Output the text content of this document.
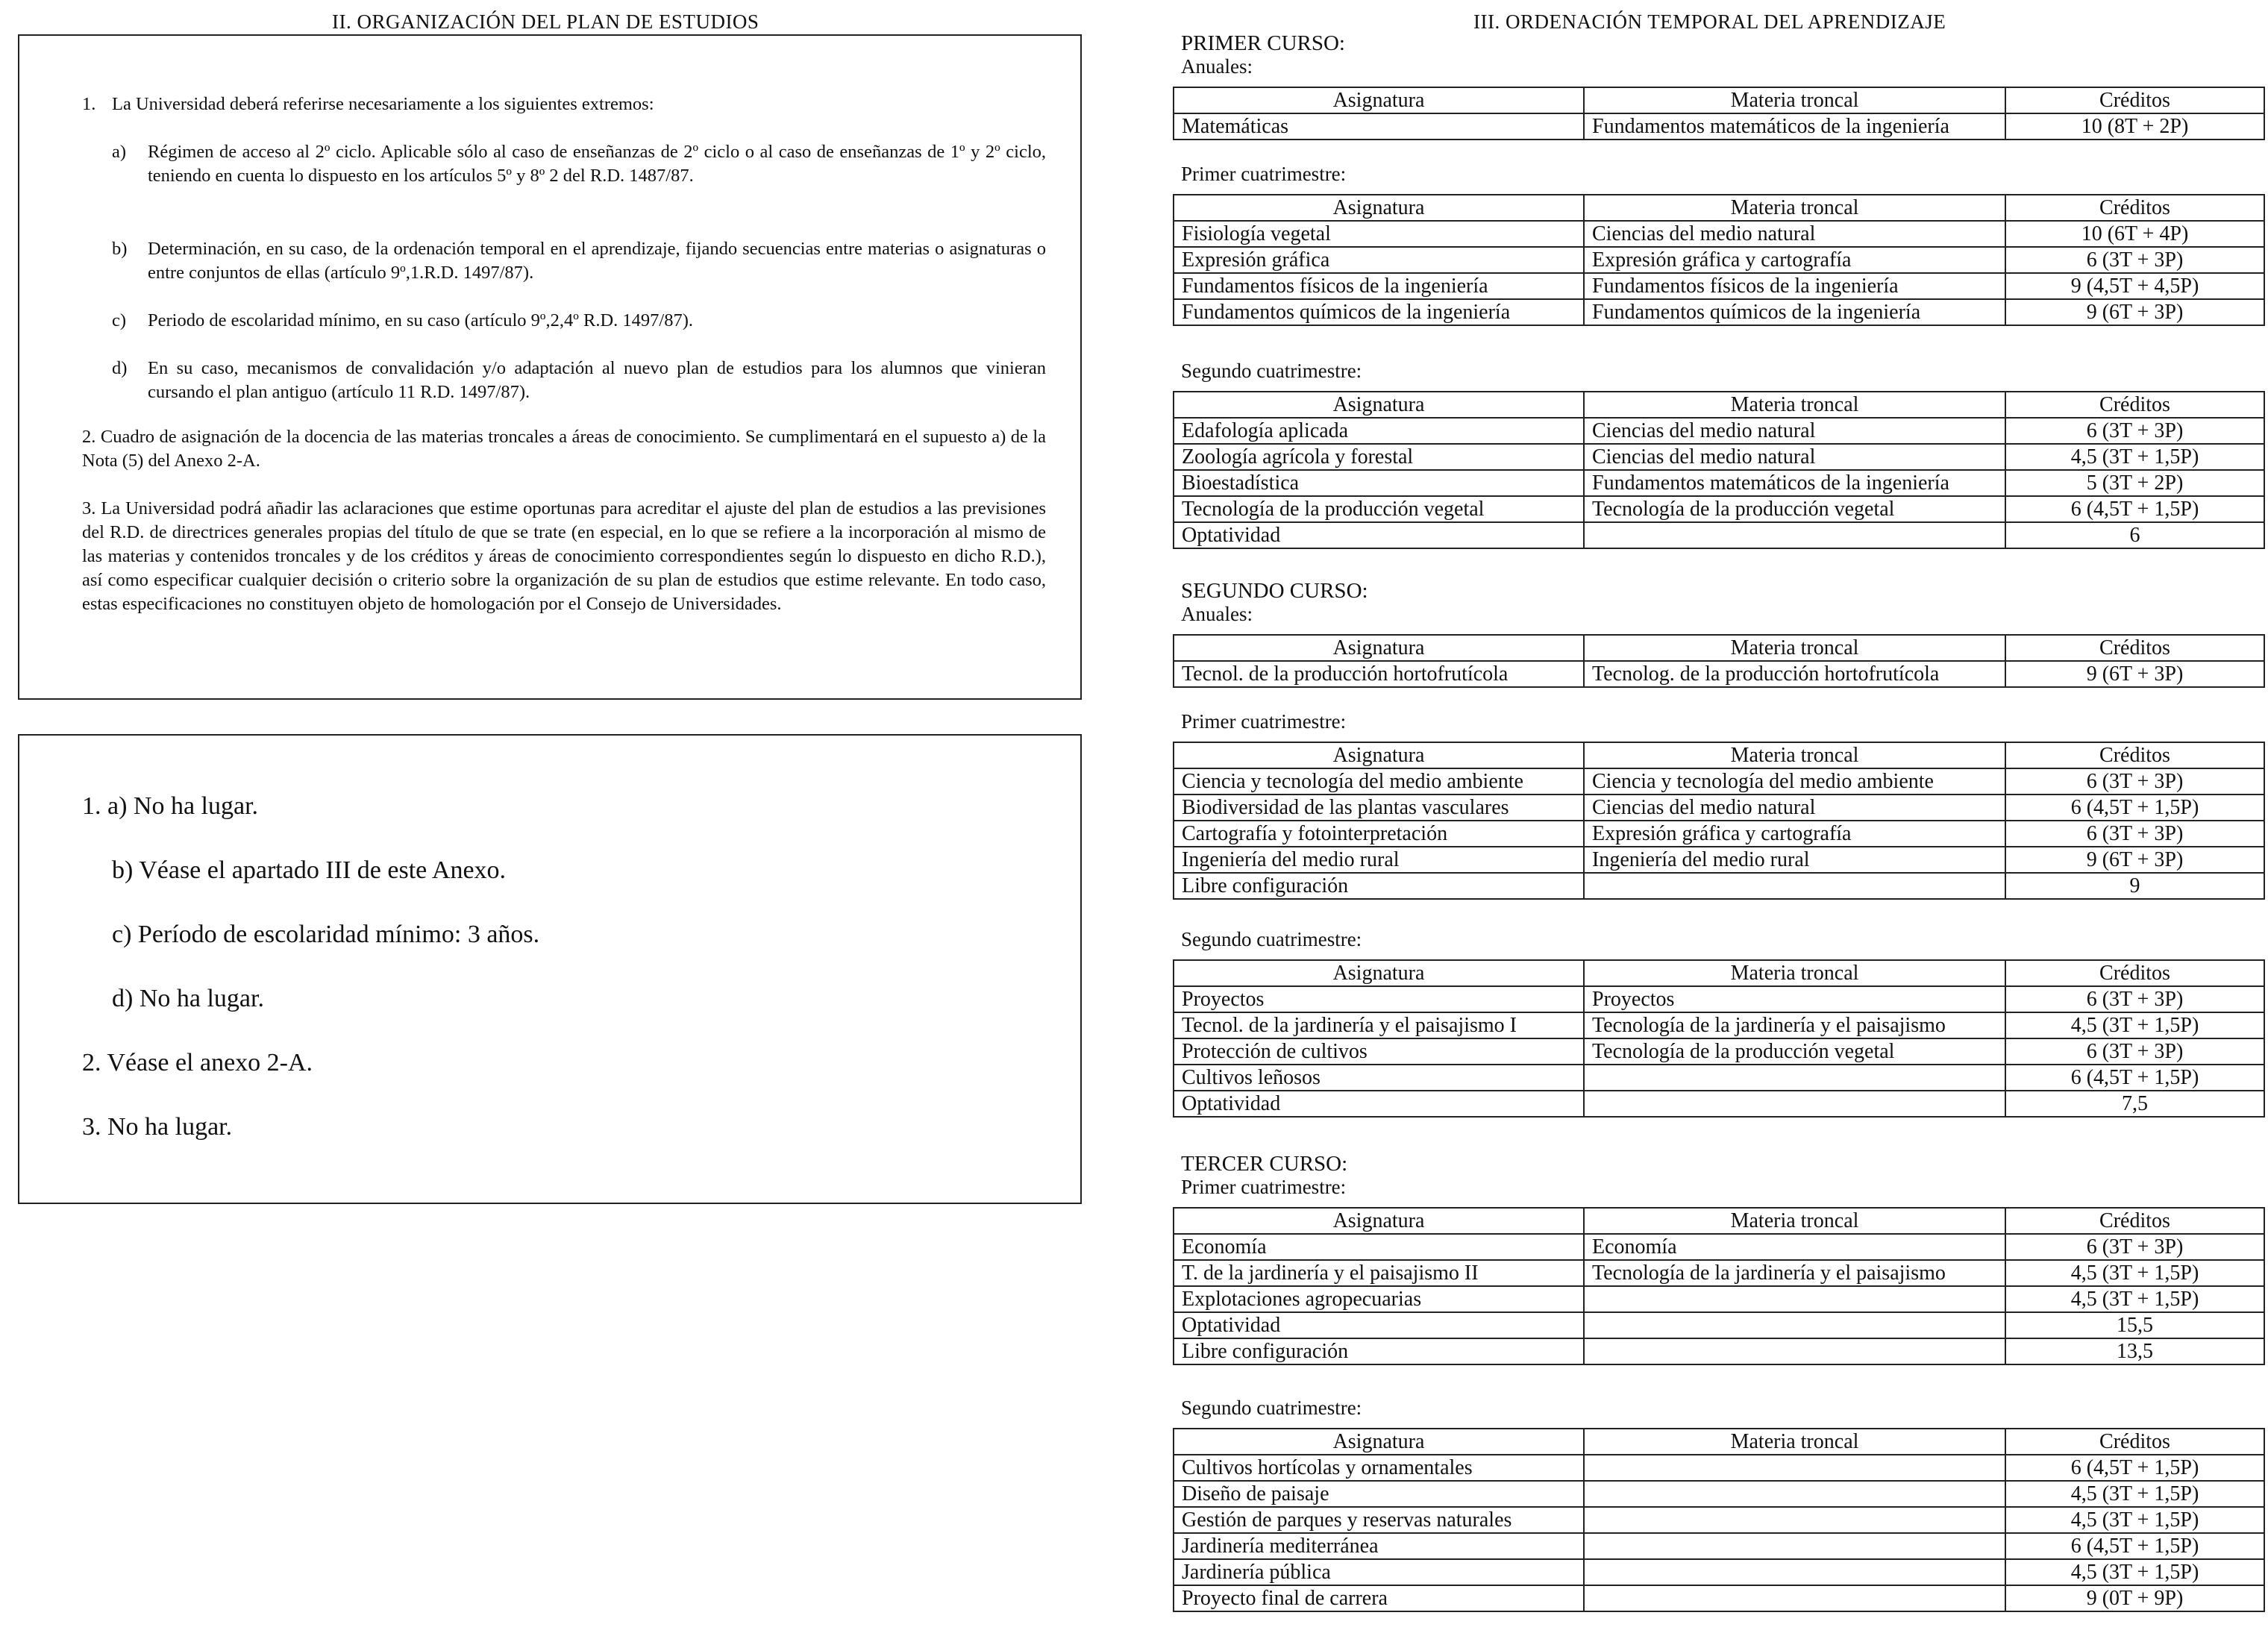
II. ORGANIZACIÓN DEL PLAN DE ESTUDIOS
1. La Universidad deberá referirse necesariamente a los siguientes extremos:
a)	Régimen de acceso al 2º ciclo. Aplicable sólo al caso de enseñanzas de 2º ciclo o al caso de enseñanzas de 1º y 2º ciclo, teniendo en cuenta lo dispuesto en los artículos 5º y 8º 2 del R.D. 1487/87.
b)	Determinación, en su caso, de la ordenación temporal en el aprendizaje, fijando secuencias entre materias o asignaturas o entre conjuntos de ellas (artículo 9º,1.R.D. 1497/87).
c)	Periodo de escolaridad mínimo, en su caso (artículo 9º,2,4º R.D. 1497/87).
d)	En su caso, mecanismos de convalidación y/o adaptación al nuevo plan de estudios para los alumnos que vinieran cursando el plan antiguo (artículo 11 R.D. 1497/87).
2. Cuadro de asignación de la docencia de las materias troncales a áreas de conocimiento. Se cumplimentará en el supuesto a) de la Nota (5) del Anexo 2-A.
3. La Universidad podrá añadir las aclaraciones que estime oportunas para acreditar el ajuste del plan de estudios a las previsiones del R.D. de directrices generales propias del título de que se trate (en especial, en lo que se refiere a la incorporación al mismo de las materias y contenidos troncales y de los créditos y áreas de conocimiento correspondientes según lo dispuesto en dicho R.D.), así como especificar cualquier decisión o criterio sobre la organización de su plan de estudios que estime relevante. En todo caso, estas especificaciones no constituyen objeto de homologación por el Consejo de Universidades.
1. a) No ha lugar.
b) Véase el apartado III de este Anexo.
c) Período de escolaridad mínimo: 3 años.
d) No ha lugar.
2. Véase el anexo 2-A.
3. No ha lugar.
III. ORDENACIÓN TEMPORAL DEL APRENDIZAJE
PRIMER CURSO:
SEGUNDO CURSO:
TERCER CURSO:
Anuales:
Asignatura	Materia troncal	Créditos
Matemáticas	Fundamentos matemáticos de la ingeniería	10 (8T + 2P)
Primer cuatrimestre:
Asignatura	Materia troncal	Créditos
Fisiología vegetal	Ciencias del medio natural	10 (6T + 4P)
Expresión gráfica	Expresión gráfica y cartografía	6 (3T + 3P)
Fundamentos físicos de la ingeniería	Fundamentos físicos de la ingeniería	9 (4,5T + 4,5P)
Fundamentos químicos de la ingeniería	Fundamentos químicos de la ingeniería	9 (6T + 3P)
Segundo cuatrimestre:
Asignatura	Materia troncal	Créditos
Edafología aplicada	Ciencias del medio natural	6 (3T + 3P)
Zoología agrícola y forestal	Ciencias del medio natural	4,5 (3T + 1,5P)
Bioestadística	Fundamentos matemáticos de la ingeniería	5 (3T + 2P)
Tecnología de la producción vegetal	Tecnología de la producción vegetal	6 (4,5T + 1,5P)
Optatividad		6
Anuales:
Asignatura	Materia troncal	Créditos
Tecnol. de la producción hortofrutícola	Tecnolog. de la producción hortofrutícola	9 (6T + 3P)
Primer cuatrimestre:
Asignatura	Materia troncal	Créditos
Ciencia y tecnología del medio ambiente	Ciencia y tecnología del medio ambiente	6 (3T + 3P)
Biodiversidad de las plantas vasculares	Ciencias del medio natural	6 (4,5T + 1,5P)
Cartografía y fotointerpretación	Expresión gráfica y cartografía	6 (3T + 3P)
Ingeniería del medio rural	Ingeniería del medio rural	9 (6T + 3P)
Libre configuración		9
Segundo cuatrimestre:
Asignatura	Materia troncal	Créditos
Proyectos	Proyectos	6 (3T + 3P)
Tecnol. de la jardinería y el paisajismo I	Tecnología de la jardinería y el paisajismo	4,5 (3T + 1,5P)
Protección de cultivos	Tecnología de la producción vegetal	6 (3T + 3P)
Cultivos leñosos		6 (4,5T + 1,5P)
Optatividad		7,5
Primer cuatrimestre:
Asignatura	Materia troncal	Créditos
Economía	Economía	6 (3T + 3P)
T. de la jardinería y el paisajismo II	Tecnología de la jardinería y el paisajismo	4,5 (3T + 1,5P)
Explotaciones agropecuarias		4,5 (3T + 1,5P)
Optatividad		15,5
Libre configuración		13,5
Segundo cuatrimestre:
Asignatura	Materia troncal	Créditos
Cultivos hortícolas y ornamentales		6 (4,5T + 1,5P)
Diseño de paisaje		4,5 (3T + 1,5P)
Gestión de parques y reservas naturales		4,5 (3T + 1,5P)
Jardinería mediterránea		6 (4,5T + 1,5P)
Jardinería pública		4,5 (3T + 1,5P)
Proyecto final de carrera		9 (0T + 9P)
